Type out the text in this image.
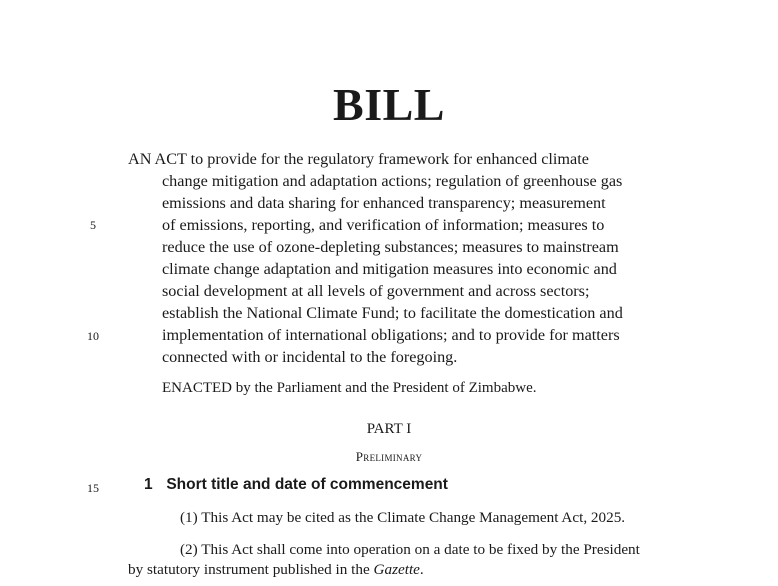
BILL
5
10
15
AN ACT to provide for the regulatory framework for enhanced climate
change mitigation and adaptation actions; regulation of greenhouse gas
emissions and data sharing for enhanced transparency; measurement
of emissions, reporting, and verification of information; measures to
reduce the use of ozone-depleting substances; measures to mainstream
climate change adaptation and mitigation measures into economic and
social development at all levels of government and across sectors;
establish the National Climate Fund; to facilitate the domestication and
implementation of international obligations; and to provide for matters
connected with or incidental to the foregoing.
ENACTED by the Parliament and the President of Zimbabwe.
PART I
Preliminary
1 Short title and date of commencement
(1) This Act may be cited as the Climate Change Management Act, 2025.
(2) This Act shall come into operation on a date to be fixed by the President
by statutory instrument published in the Gazette.
